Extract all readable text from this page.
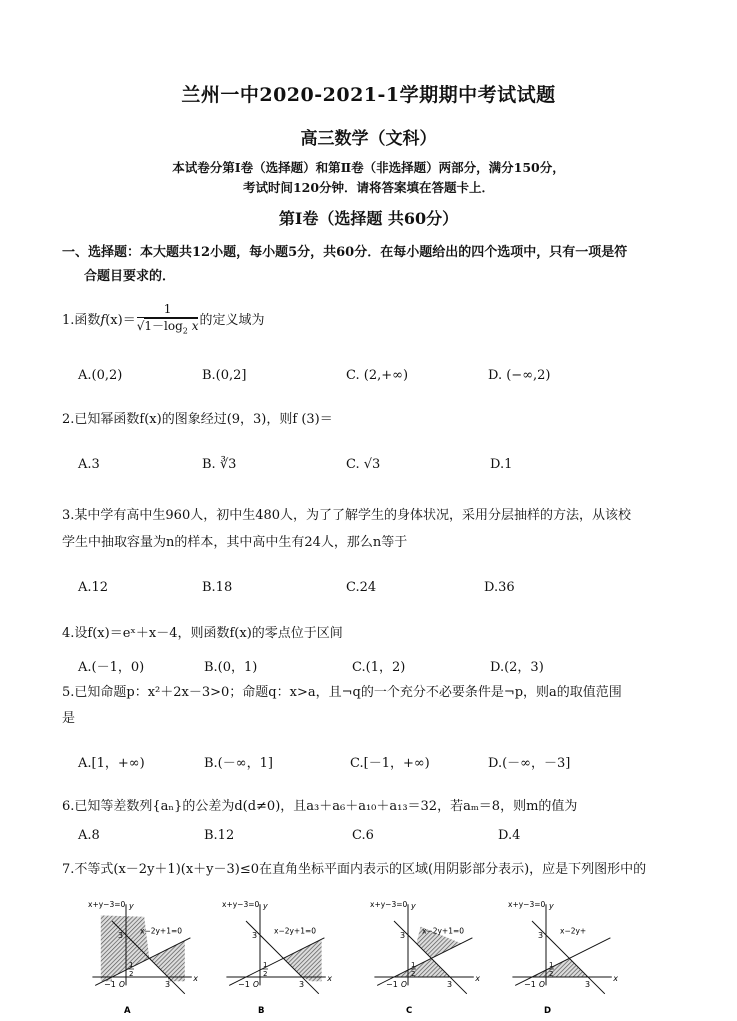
兰州一中2020-2021-1学期期中考试试题
高三数学（文科）
本试卷分第Ⅰ卷（选择题）和第Ⅱ卷（非选择题）两部分，满分150分，
考试时间120分钟．请将答案填在答题卡上．
第Ⅰ卷（选择题 共60分）
一、选择题：本大题共12小题，每小题5分，共60分．在每小题给出的四个选项中，只有一项是符
合题目要求的．
1.函数$f(x)= \frac{1}{√1-\log_2 x}$ 的定义域为
A.(0,2)	B.(0,2]	C. (2,+∞)	D. (−∞,2)
2.已知幂函数f(x)的图象经过(9，3)，则f (3)＝
A.3	B. ∛3	C. √3	D.1
3.某中学有高中生960人，初中生480人，为了了解学生的身体状况，采用分层抽样的方法，从该校
学生中抽取容量为n的样本，其中高中生有24人，那么n等于
A.12	B.18	C.24	D.36
4.设f(x)＝eˣ＋x－4，则函数f(x)的零点位于区间
A.(－1，0)	B.(0，1)	C.(1，2)	D.(2，3)
5.已知命题p：x²＋2x－3>0；命题q：x>a，且¬q的一个充分不必要条件是¬p，则a的取值范围
是
A.[1，+∞)	B.(－∞，1]	C.[－1，+∞)	D.(－∞，－3]
6.已知等差数列{aₙ}的公差为d(d≠0)，且a₃＋a₆＋a₁₀＋a₁₃＝32，若aₘ＝8，则m的值为
A.8	B.12	C.6	D.4
7.不等式(x－2y＋1)(x＋y－3)≤0在直角坐标平面内表示的区域(用阴影部分表示)，应是下列图形中的
x
y
x+y−3=0
x−2y+1=0
3
1
2
−1 O	3
A
x
y
x+y−3=0
x−2y+1=0
3
1
2
−1 O	3
B
x
y
x+y−3=0
x−2y+1=0
3
1
2
−1 O	3
C
x
y
x+y−3=0
x−2y+
3
1
2
−1 O	3
D
